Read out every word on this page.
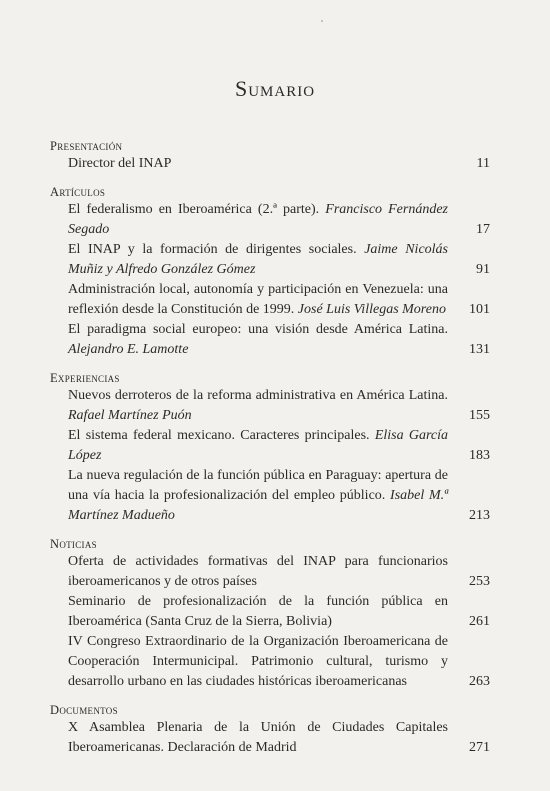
Sumario
Presentación
Director del INAP	11
Artículos
El federalismo en Iberoamérica (2.ª parte). Francisco Fernández Segado	17
El INAP y la formación de dirigentes sociales. Jaime Nicolás Muñiz y Alfredo González Gómez	91
Administración local, autonomía y participación en Venezuela: una reflexión desde la Constitución de 1999. José Luis Villegas Moreno	101
El paradigma social europeo: una visión desde América Latina. Alejandro E. Lamotte	131
Experiencias
Nuevos derroteros de la reforma administrativa en América Latina. Rafael Martínez Puón	155
El sistema federal mexicano. Caracteres principales. Elisa García López	183
La nueva regulación de la función pública en Paraguay: apertura de una vía hacia la profesionalización del empleo público. Isabel M.ª Martínez Madueño	213
Noticias
Oferta de actividades formativas del INAP para funcionarios iberoamericanos y de otros países	253
Seminario de profesionalización de la función pública en Iberoamérica (Santa Cruz de la Sierra, Bolivia)	261
IV Congreso Extraordinario de la Organización Iberoamericana de Cooperación Intermunicipal. Patrimonio cultural, turismo y desarrollo urbano en las ciudades históricas iberoamericanas	263
Documentos
X Asamblea Plenaria de la Unión de Ciudades Capitales Iberoamericanas. Declaración de Madrid	271
